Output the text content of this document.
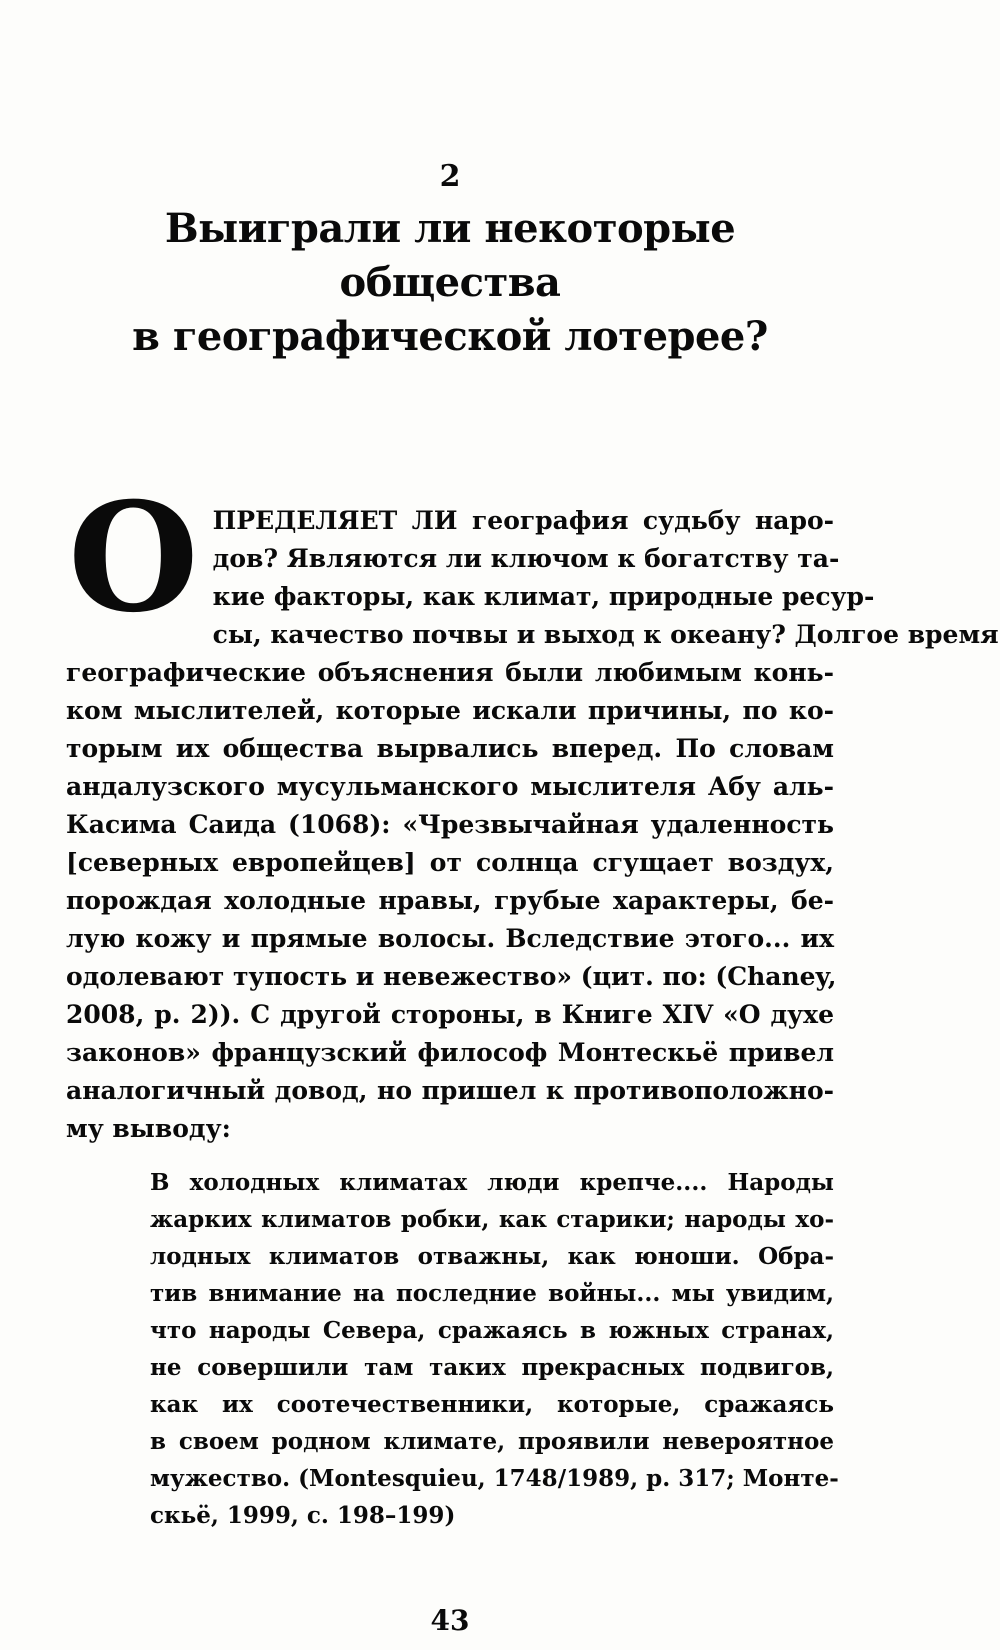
2
Выиграли ли некоторые общества
в географической лотерее?
О ПРЕДЕЛЯЕТ ЛИ география судьбу наро-
дов? Являются ли ключом к богатству та-
кие факторы, как климат, природные ресур-
сы, качество почвы и выход к океану? Долгое время
географические объяснения были любимым конь-
ком мыслителей, которые искали причины, по ко-
торым их общества вырвались вперед. По словам
андалузского мусульманского мыслителя Абу аль-
Касима Саида (1068): «Чрезвычайная удаленность
[северных европейцев] от солнца сгущает воздух,
порождая холодные нравы, грубые характеры, бе-
лую кожу и прямые волосы. Вследствие этого... их
одолевают тупость и невежество» (цит. по: (Chaney,
2008, p. 2)). С другой стороны, в Книге XIV «О духе
законов» французский философ Монтескьё привел
аналогичный довод, но пришел к противоположно-
му выводу:
В холодных климатах люди крепче.... Народы
жарких климатов робки, как старики; народы хо-
лодных климатов отважны, как юноши. Обра-
тив внимание на последние войны... мы увидим,
что народы Севера, сражаясь в южных странах,
не совершили там таких прекрасных подвигов,
как их соотечественники, которые, сражаясь
в своем родном климате, проявили невероятное
мужество. (Montesquieu, 1748/1989, p. 317; Монте-
скьё, 1999, с. 198–199)
43
